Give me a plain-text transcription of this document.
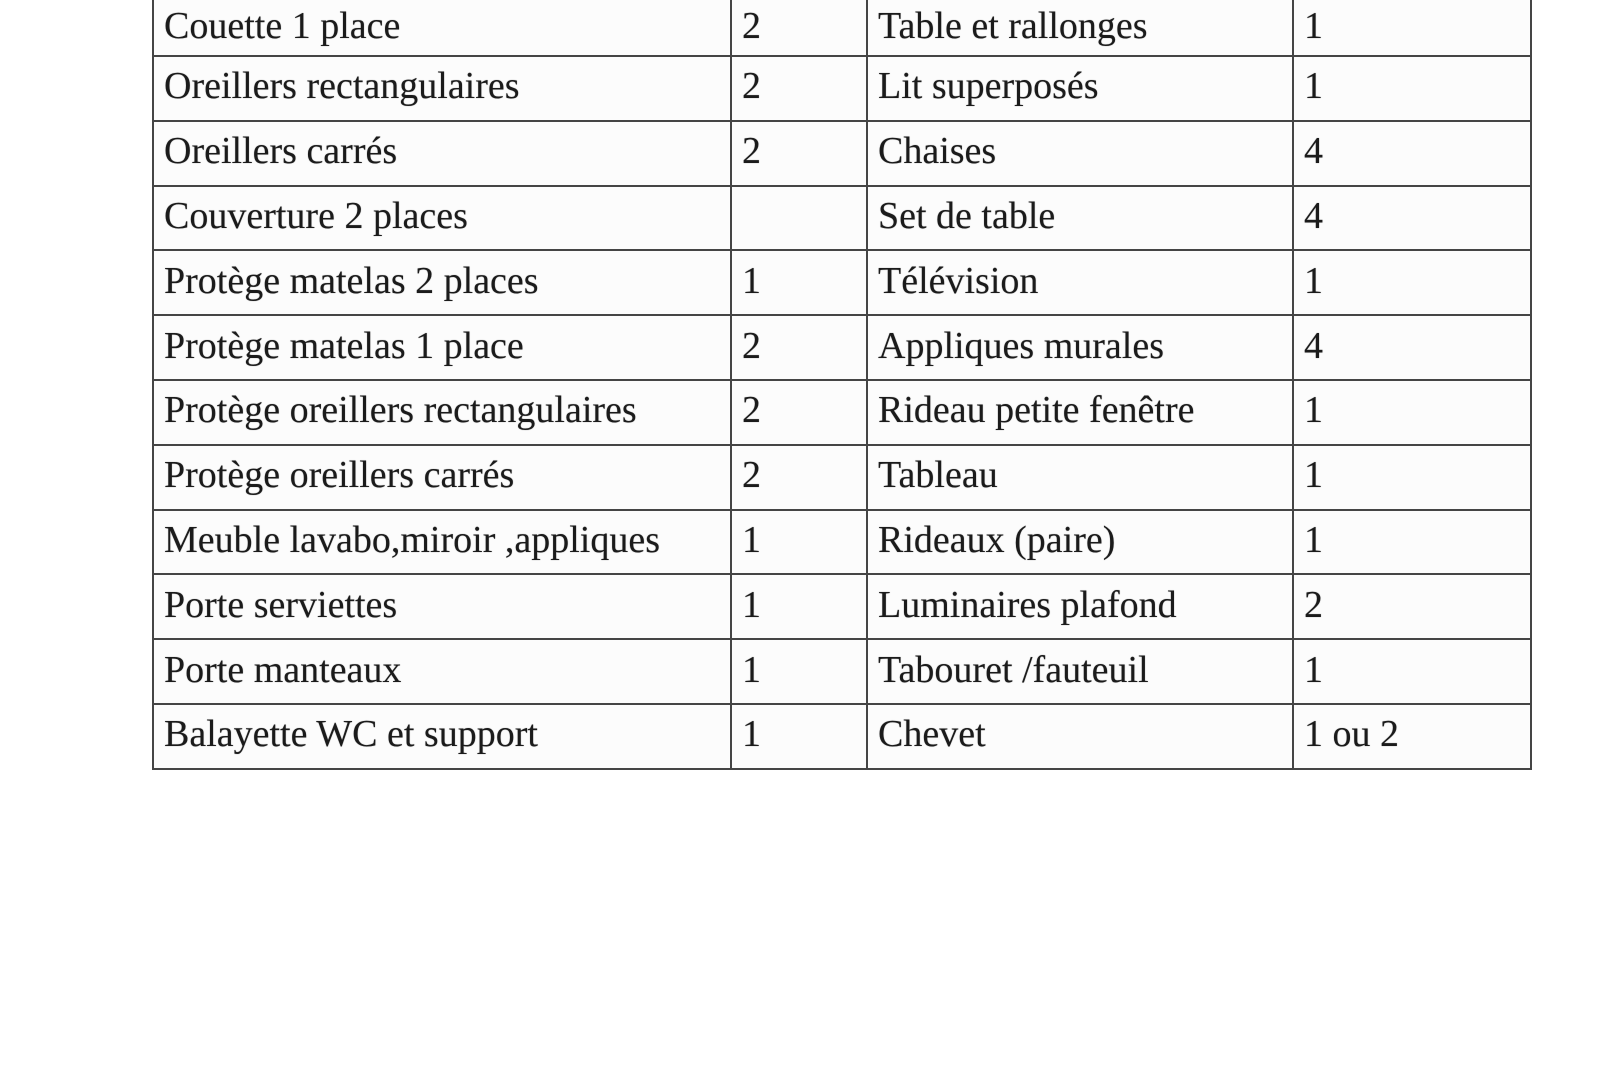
Couette 1 place	2	Table et rallonges	1
Oreillers rectangulaires	2	Lit superposés	1
Oreillers carrés	2	Chaises	4
Couverture 2 places		Set de table	4
Protège matelas 2 places	1	Télévision	1
Protège matelas 1 place	2	Appliques murales	4
Protège oreillers rectangulaires	2	Rideau petite fenêtre	1
Protège oreillers carrés	2	Tableau	1
Meuble lavabo,miroir ,appliques	1	Rideaux (paire)	1
Porte serviettes	1	Luminaires plafond	2
Porte manteaux	1	Tabouret /fauteuil	1
Balayette WC et support	1	Chevet	1 ou 2
